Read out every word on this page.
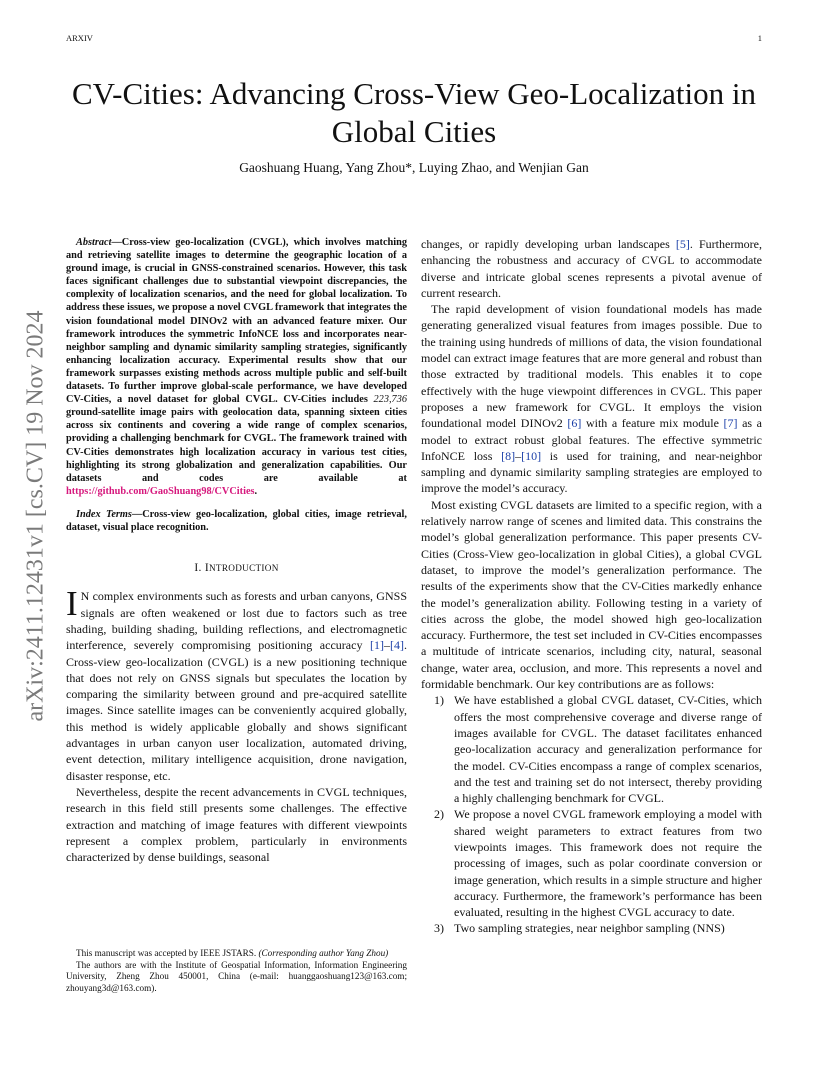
ARXIV	1
arXiv:2411.12431v1 [cs.CV] 19 Nov 2024
CV-Cities: Advancing Cross-View Geo-Localization in Global Cities
Gaoshuang Huang, Yang Zhou*, Luying Zhao, and Wenjian Gan

Abstract—Cross-view geo-localization (CVGL), which involves matching and retrieving satellite images to determine the geographic location of a ground image, is crucial in GNSS-constrained scenarios. However, this task faces significant challenges due to substantial viewpoint discrepancies, the complexity of localization scenarios, and the need for global localization. To address these issues, we propose a novel CVGL framework that integrates the vision foundational model DINOv2 with an advanced feature mixer. Our framework introduces the symmetric InfoNCE loss and incorporates near-neighbor sampling and dynamic similarity sampling strategies, significantly enhancing localization accuracy. Experimental results show that our framework surpasses existing methods across multiple public and self-built datasets. To further improve global-scale performance, we have developed CV-Cities, a novel dataset for global CVGL. CV-Cities includes 223,736 ground-satellite image pairs with geolocation data, spanning sixteen cities across six continents and covering a wide range of complex scenarios, providing a challenging benchmark for CVGL. The framework trained with CV-Cities demonstrates high localization accuracy in various test cities, highlighting its strong globalization and generalization capabilities. Our datasets and codes are available at https://github.com/GaoShuang98/CVCities.

Index Terms—Cross-view geo-localization, global cities, image retrieval, dataset, visual place recognition.

I. INTRODUCTION

I N complex environments such as forests and urban canyons, GNSS signals are often weakened or lost due to factors such as tree shading, building shading, building reflections, and electromagnetic interference, severely compromising positioning accuracy [1]–[4]. Cross-view geo-localization (CVGL) is a new positioning technique that does not rely on GNSS signals but speculates the location by comparing the similarity between ground and pre-acquired satellite images. Since satellite images can be conveniently acquired globally, this method is widely applicable globally and shows significant advantages in urban canyon user localization, automated driving, event detection, military intelligence acquisition, drone navigation, disaster response, etc.

Nevertheless, despite the recent advancements in CVGL techniques, research in this field still presents some challenges. The effective extraction and matching of image features with different viewpoints represent a complex problem, particularly in environments characterized by dense buildings, seasonal

This manuscript was accepted by IEEE JSTARS. (Corresponding author Yang Zhou)

The authors are with the Institute of Geospatial Information, Information Engineering University, Zheng Zhou 450001, China (e-mail: huanggaoshuang123@163.com; zhouyang3d@163.com).

changes, or rapidly developing urban landscapes [5]. Furthermore, enhancing the robustness and accuracy of CVGL to accommodate diverse and intricate global scenes represents a pivotal avenue of current research.

The rapid development of vision foundational models has made generating generalized visual features from images possible. Due to the training using hundreds of millions of data, the vision foundational model can extract image features that are more general and robust than those extracted by traditional models. This enables it to cope effectively with the huge viewpoint differences in CVGL. This paper proposes a new framework for CVGL. It employs the vision foundational model DINOv2 [6] with a feature mix module [7] as a model to extract robust global features. The effective symmetric InfoNCE loss [8]–[10] is used for training, and near-neighbor sampling and dynamic similarity sampling strategies are employed to improve the model’s accuracy.

Most existing CVGL datasets are limited to a specific region, with a relatively narrow range of scenes and limited data. This constrains the model’s global generalization performance. This paper presents CV-Cities (Cross-View geo-localization in global Cities), a global CVGL dataset, to improve the model’s generalization performance. The results of the experiments show that the CV-Cities markedly enhance the model’s generalization ability. Following testing in a variety of cities across the globe, the model showed high geo-localization accuracy. Furthermore, the test set included in CV-Cities encompasses a multitude of intricate scenarios, including city, natural, seasonal change, water area, occlusion, and more. This represents a novel and formidable benchmark. Our key contributions are as follows:

1) We have established a global CVGL dataset, CV-Cities, which offers the most comprehensive coverage and diverse range of images available for CVGL. The dataset facilitates enhanced geo-localization accuracy and generalization performance for the model. CV-Cities encompass a range of complex scenarios, and the test and training set do not intersect, thereby providing a highly challenging benchmark for CVGL.
2) We propose a novel CVGL framework employing a model with shared weight parameters to extract features from two viewpoints images. This framework does not require the processing of images, such as polar coordinate conversion or image generation, which results in a simple structure and higher accuracy. Furthermore, the framework’s performance has been evaluated, resulting in the highest CVGL accuracy to date.
3) Two sampling strategies, near neighbor sampling (NNS)
